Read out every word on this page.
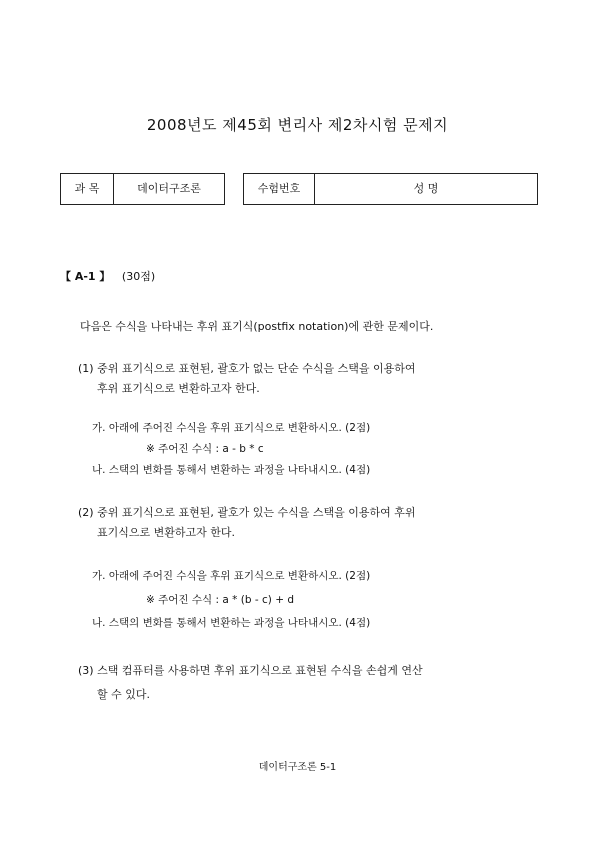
2008년도 제45회 변리사 제2차시험 문제지
과 목	데이터구조론	수험번호	성 명
【 A-1 】 (30점)
다음은 수식을 나타내는 후위 표기식(postfix notation)에 관한 문제이다.
(1) 중위 표기식으로 표현된, 괄호가 없는 단순 수식을 스택을 이용하여
후위 표기식으로 변환하고자 한다.
가. 아래에 주어진 수식을 후위 표기식으로 변환하시오. (2점)
※ 주어진 수식 : a - b * c
나. 스택의 변화를 통해서 변환하는 과정을 나타내시오. (4점)
(2) 중위 표기식으로 표현된, 괄호가 있는 수식을 스택을 이용하여 후위
표기식으로 변환하고자 한다.
가. 아래에 주어진 수식을 후위 표기식으로 변환하시오. (2점)
※ 주어진 수식 : a * (b - c) + d
나. 스택의 변화를 통해서 변환하는 과정을 나타내시오. (4점)
(3) 스택 컴퓨터를 사용하면 후위 표기식으로 표현된 수식을 손쉽게 연산
할 수 있다.
데이터구조론 5-1
